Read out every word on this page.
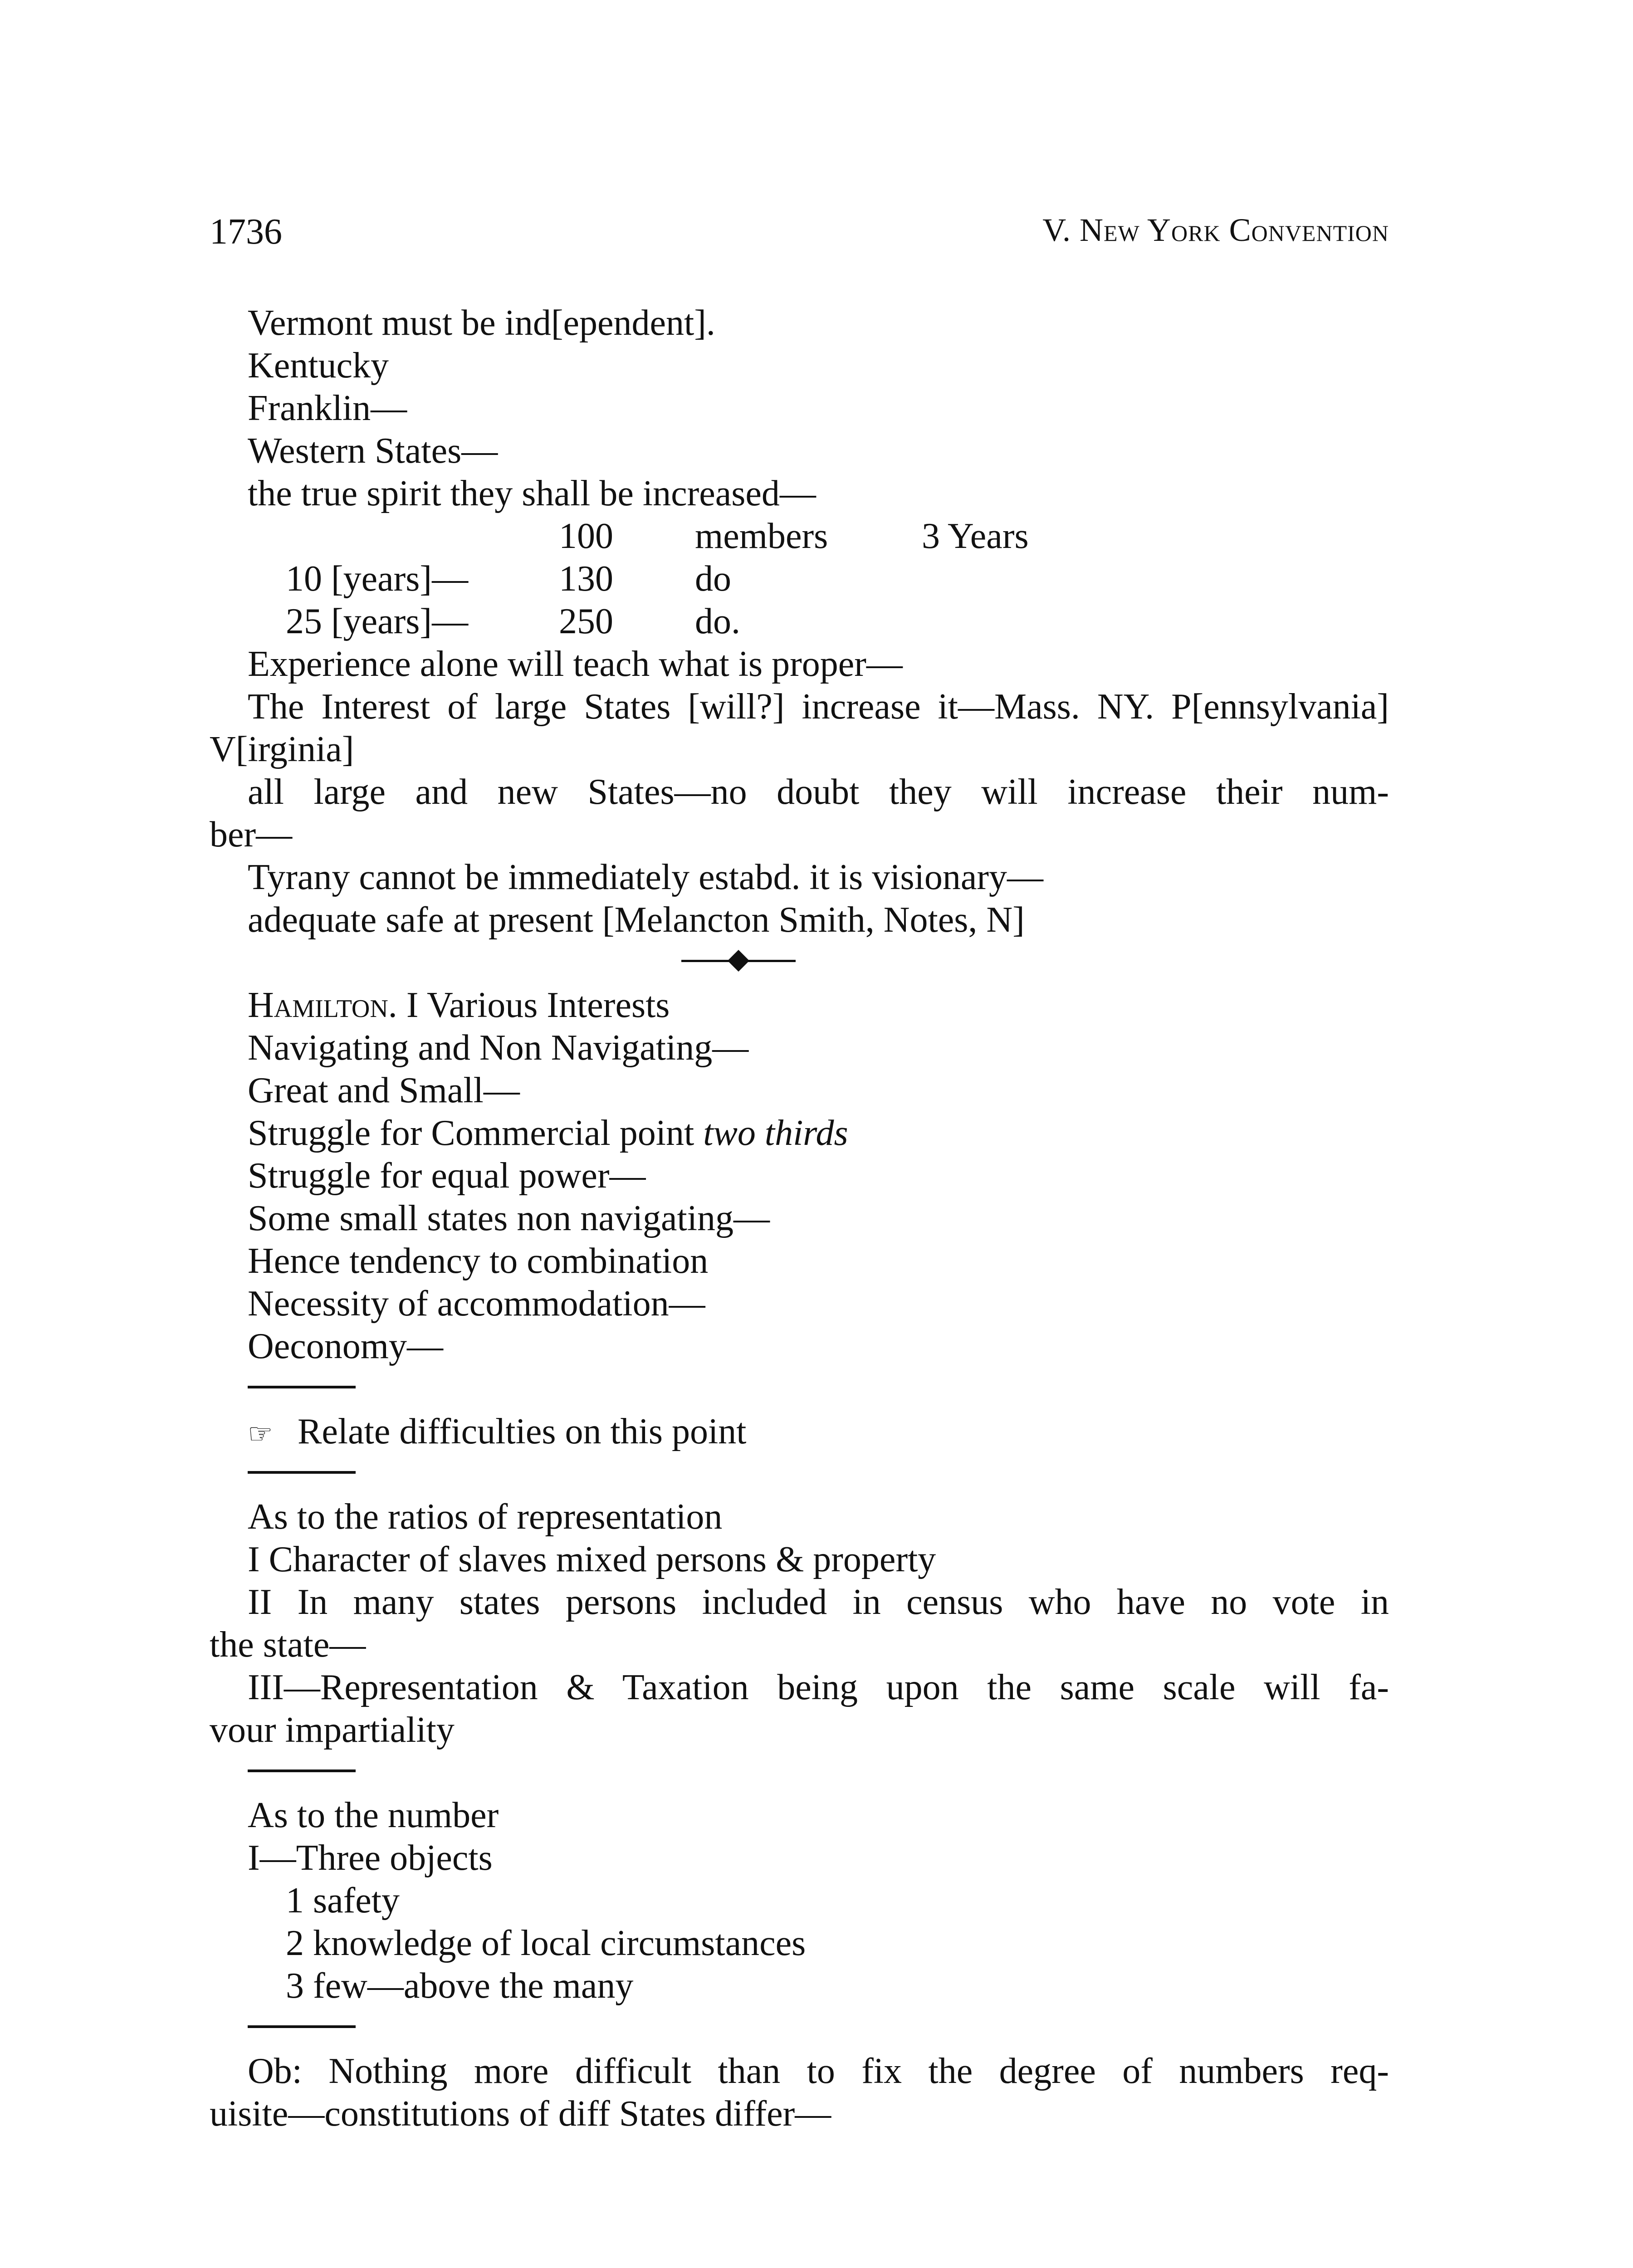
1736	V. New York Convention
Vermont must be ind[ependent].
Kentucky
Franklin—
Western States—
the true spirit they shall be increased—
100 members	3 Years
10 [years]— 130 do
25 [years]— 250 do.
Experience alone will teach what is proper—
The Interest of large States [will?] increase it—Mass. NY. P[ennsylvania]
V[irginia]
all large and new States—no doubt they will increase their num-
ber—
Tyrany cannot be immediately estabd. it is visionary—
adequate safe at present [Melancton Smith, Notes, N]
Hamilton. I Various Interests
Navigating and Non Navigating—
Great and Small—
Struggle for Commercial point two thirds
Struggle for equal power—
Some small states non navigating—
Hence tendency to combination
Necessity of accommodation—
Oeconomy—
☞ Relate difficulties on this point
As to the ratios of representation
I Character of slaves mixed persons & property
II In many states persons included in census who have no vote in
the state—
III—Representation & Taxation being upon the same scale will fa-
vour impartiality
As to the number
I—Three objects
1 safety
2 knowledge of local circumstances
3 few—above the many
Ob: Nothing more difficult than to fix the degree of numbers req-
uisite—constitutions of diff States differ—
